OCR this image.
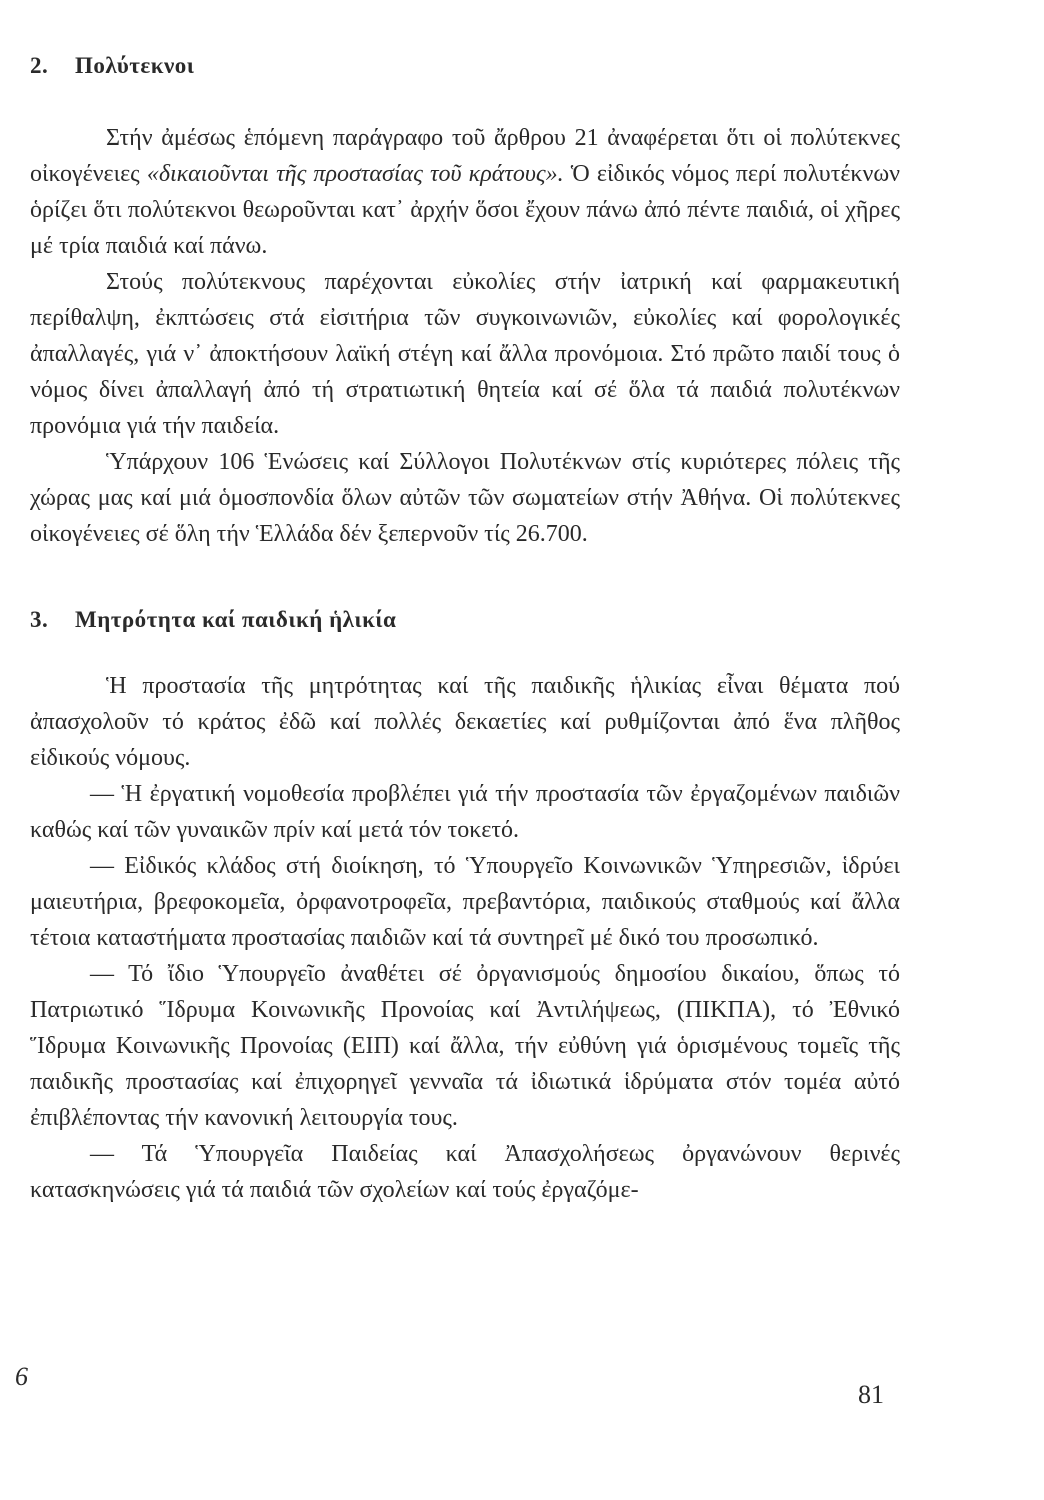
2. Πολύτεκνοι

Στήν ἀμέσως ἑπόμενη παράγραφο τοῦ ἄρθρου 21 ἀναφέρεται ὅτι οἱ πολύτεκνες οἰκογένειες «δικαιοῦνται τῆς προστασίας τοῦ κράτους». Ὁ εἰδικός νόμος περί πολυτέκνων ὁρίζει ὅτι πολύτεκνοι θεωροῦνται κατ᾿ ἀρχήν ὅσοι ἔχουν πάνω ἀπό πέντε παιδιά, οἱ χῆρες μέ τρία παιδιά καί πάνω.

Στούς πολύτεκνους παρέχονται εὐκολίες στήν ἰατρική καί φαρμακευτική περίθαλψη, ἐκπτώσεις στά εἰσιτήρια τῶν συγκοινωνιῶν, εὐκολίες καί φορολογικές ἀπαλλαγές, γιά ν᾿ ἀποκτήσουν λαϊκή στέγη καί ἄλλα προνόμοια. Στό πρῶτο παιδί τους ὁ νόμος δίνει ἀπαλλαγή ἀπό τή στρατιωτική θητεία καί σέ ὅλα τά παιδιά πολυτέκνων προνόμια γιά τήν παιδεία.

Ὑπάρχουν 106 Ἑνώσεις καί Σύλλογοι Πολυτέκνων στίς κυριότερες πόλεις τῆς χώρας μας καί μιά ὁμοσπονδία ὅλων αὐτῶν τῶν σωματείων στήν Ἀθήνα. Οἱ πολύτεκνες οἰκογένειες σέ ὅλη τήν Ἑλλάδα δέν ξεπερνοῦν τίς 26.700.

3. Μητρότητα καί παιδική ἡλικία

Ἡ προστασία τῆς μητρότητας καί τῆς παιδικῆς ἡλικίας εἶναι θέματα πού ἀπασχολοῦν τό κράτος ἐδῶ καί πολλές δεκαετίες καί ρυθμίζονται ἀπό ἕνα πλῆθος εἰδικούς νόμους.

— Ἡ ἐργατική νομοθεσία προβλέπει γιά τήν προστασία τῶν ἐργαζομένων παιδιῶν καθώς καί τῶν γυναικῶν πρίν καί μετά τόν τοκετό.

— Εἰδικός κλάδος στή διοίκηση, τό Ὑπουργεῖο Κοινωνικῶν Ὑπηρεσιῶν, ἱδρύει μαιευτήρια, βρεφοκομεῖα, ὀρφανοτροφεῖα, πρεβαντόρια, παιδικούς σταθμούς καί ἄλλα τέτοια καταστήματα προστασίας παιδιῶν καί τά συντηρεῖ μέ δικό του προσωπικό.

— Τό ἴδιο Ὑπουργεῖο ἀναθέτει σέ ὀργανισμούς δημοσίου δικαίου, ὅπως τό Πατριωτικό Ἵδρυμα Κοινωνικῆς Προνοίας καί Ἀντιλήψεως, (ΠΙΚΠΑ), τό Ἐθνικό Ἵδρυμα Κοινωνικῆς Προνοίας (ΕΙΠ) καί ἄλλα, τήν εὐθύνη γιά ὁρισμένους τομεῖς τῆς παιδικῆς προστασίας καί ἐπιχορηγεῖ γενναῖα τά ἰδιωτικά ἱδρύματα στόν τομέα αὐτό ἐπιβλέποντας τήν κανονική λειτουργία τους.

— Τά Ὑπουργεῖα Παιδείας καί Ἀπασχολήσεως ὀργανώνουν θερινές κατασκηνώσεις γιά τά παιδιά τῶν σχολείων καί τούς ἐργαζόμε-

6
81
